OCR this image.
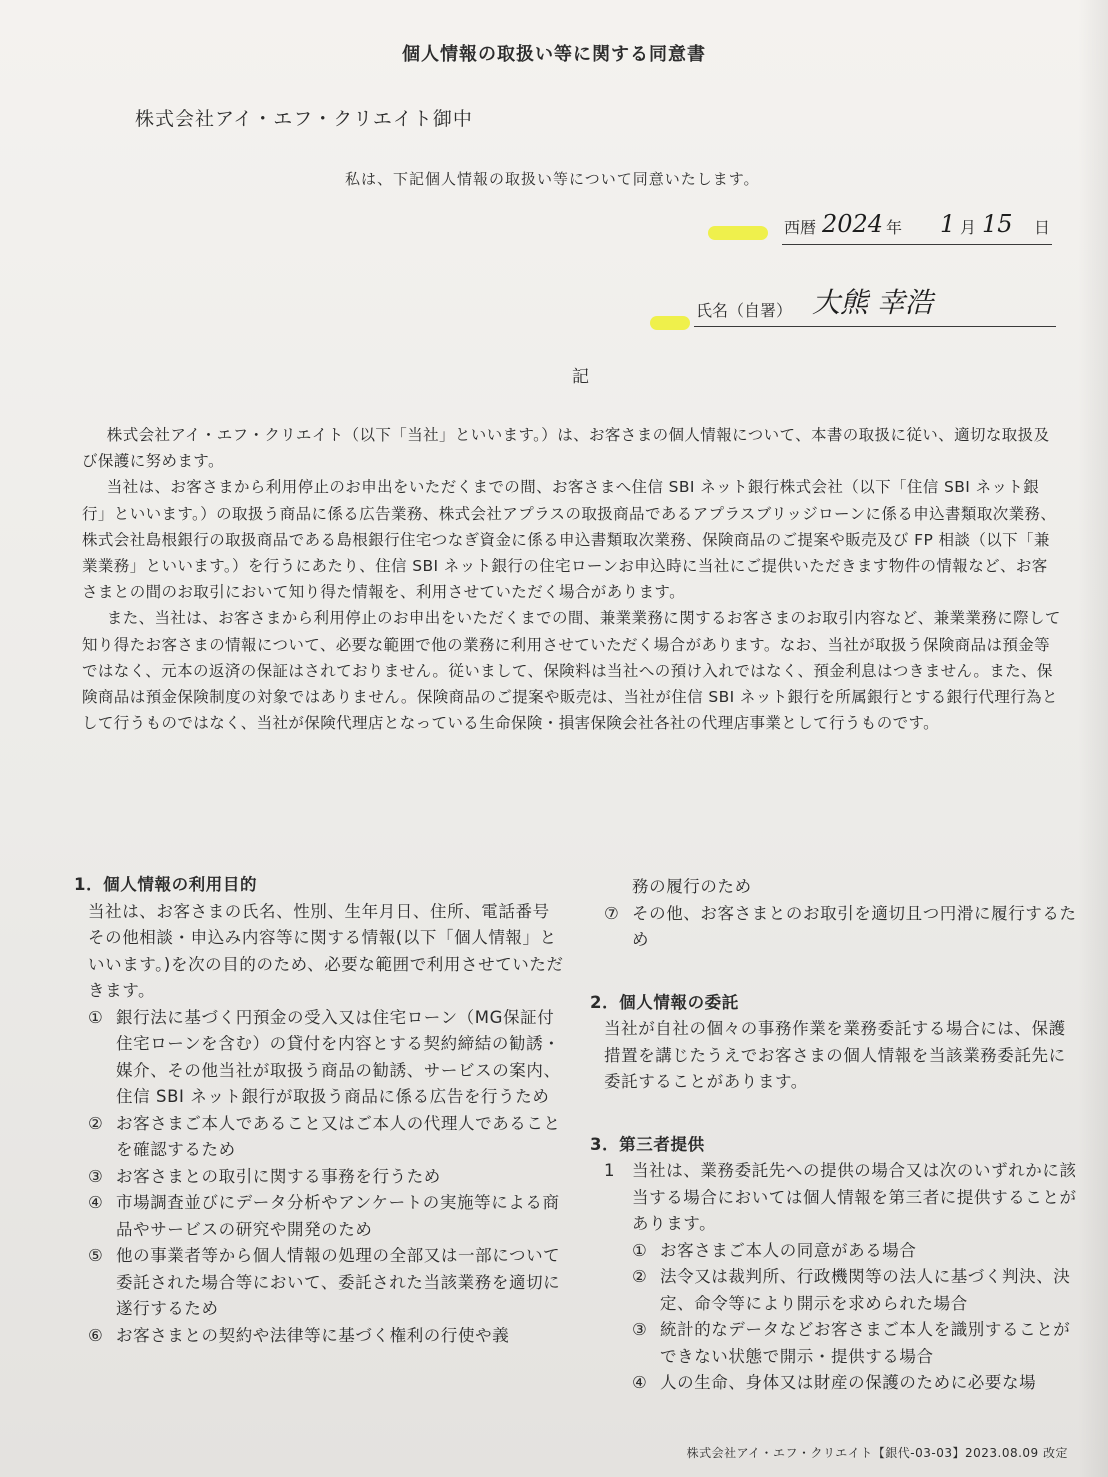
個人情報の取扱い等に関する同意書
株式会社アイ・エフ・クリエイト御中
私は、下記個人情報の取扱い等について同意いたします。
西暦 2024 年 1 月 15 日
氏名（自署） 大熊 幸浩
記

株式会社アイ・エフ・クリエイト（以下「当社」といいます。）は、お客さまの個人情報について、本書の取扱に従い、適切な取扱及び保護に努めます。

当社は、お客さまから利用停止のお申出をいただくまでの間、お客さまへ住信 SBI ネット銀行株式会社（以下「住信 SBI ネット銀行」といいます。）の取扱う商品に係る広告業務、株式会社アプラスの取扱商品であるアプラスブリッジローンに係る申込書類取次業務、株式会社島根銀行の取扱商品である島根銀行住宅つなぎ資金に係る申込書類取次業務、保険商品のご提案や販売及び FP 相談（以下「兼業業務」といいます。）を行うにあたり、住信 SBI ネット銀行の住宅ローンお申込時に当社にご提供いただきます物件の情報など、お客さまとの間のお取引において知り得た情報を、利用させていただく場合があります。

また、当社は、お客さまから利用停止のお申出をいただくまでの間、兼業業務に関するお客さまのお取引内容など、兼業業務に際して知り得たお客さまの情報について、必要な範囲で他の業務に利用させていただく場合があります。なお、当社が取扱う保険商品は預金等ではなく、元本の返済の保証はされておりません。従いまして、保険料は当社への預け入れではなく、預金利息はつきません。また、保険商品は預金保険制度の対象ではありません。保険商品のご提案や販売は、当社が住信 SBI ネット銀行を所属銀行とする銀行代理行為として行うものではなく、当社が保険代理店となっている生命保険・損害保険会社各社の代理店事業として行うものです。

1．個人情報の利用目的

当社は、お客さまの氏名、性別、生年月日、住所、電話番号その他相談・申込み内容等に関する情報(以下「個人情報」といいます。)を次の目的のため、必要な範囲で利用させていただきます。

① 銀行法に基づく円預金の受入又は住宅ローン（MG保証付住宅ローンを含む）の貸付を内容とする契約締結の勧誘・媒介、その他当社が取扱う商品の勧誘、サービスの案内、住信 SBI ネット銀行が取扱う商品に係る広告を行うため
② お客さまご本人であること又はご本人の代理人であることを確認するため
③ お客さまとの取引に関する事務を行うため
④ 市場調査並びにデータ分析やアンケートの実施等による商品やサービスの研究や開発のため
⑤ 他の事業者等から個人情報の処理の全部又は一部について委託された場合等において、委託された当該業務を適切に遂行するため
⑥ お客さまとの契約や法律等に基づく権利の行使や義

務の履行のため

⑦ その他、お客さまとのお取引を適切且つ円滑に履行するため

2．個人情報の委託

当社が自社の個々の事務作業を業務委託する場合には、保護措置を講じたうえでお客さまの個人情報を当該業務委託先に委託することがあります。

3．第三者提供

1	当社は、業務委託先への提供の場合又は次のいずれかに該当する場合においては個人情報を第三者に提供することがあります。
① お客さまご本人の同意がある場合
② 法令又は裁判所、行政機関等の法人に基づく判決、決定、命令等により開示を求められた場合
③ 統計的なデータなどお客さまご本人を識別することができない状態で開示・提供する場合
④ 人の生命、身体又は財産の保護のために必要な場
株式会社アイ・エフ・クリエイト【銀代-03-03】2023.08.09 改定
